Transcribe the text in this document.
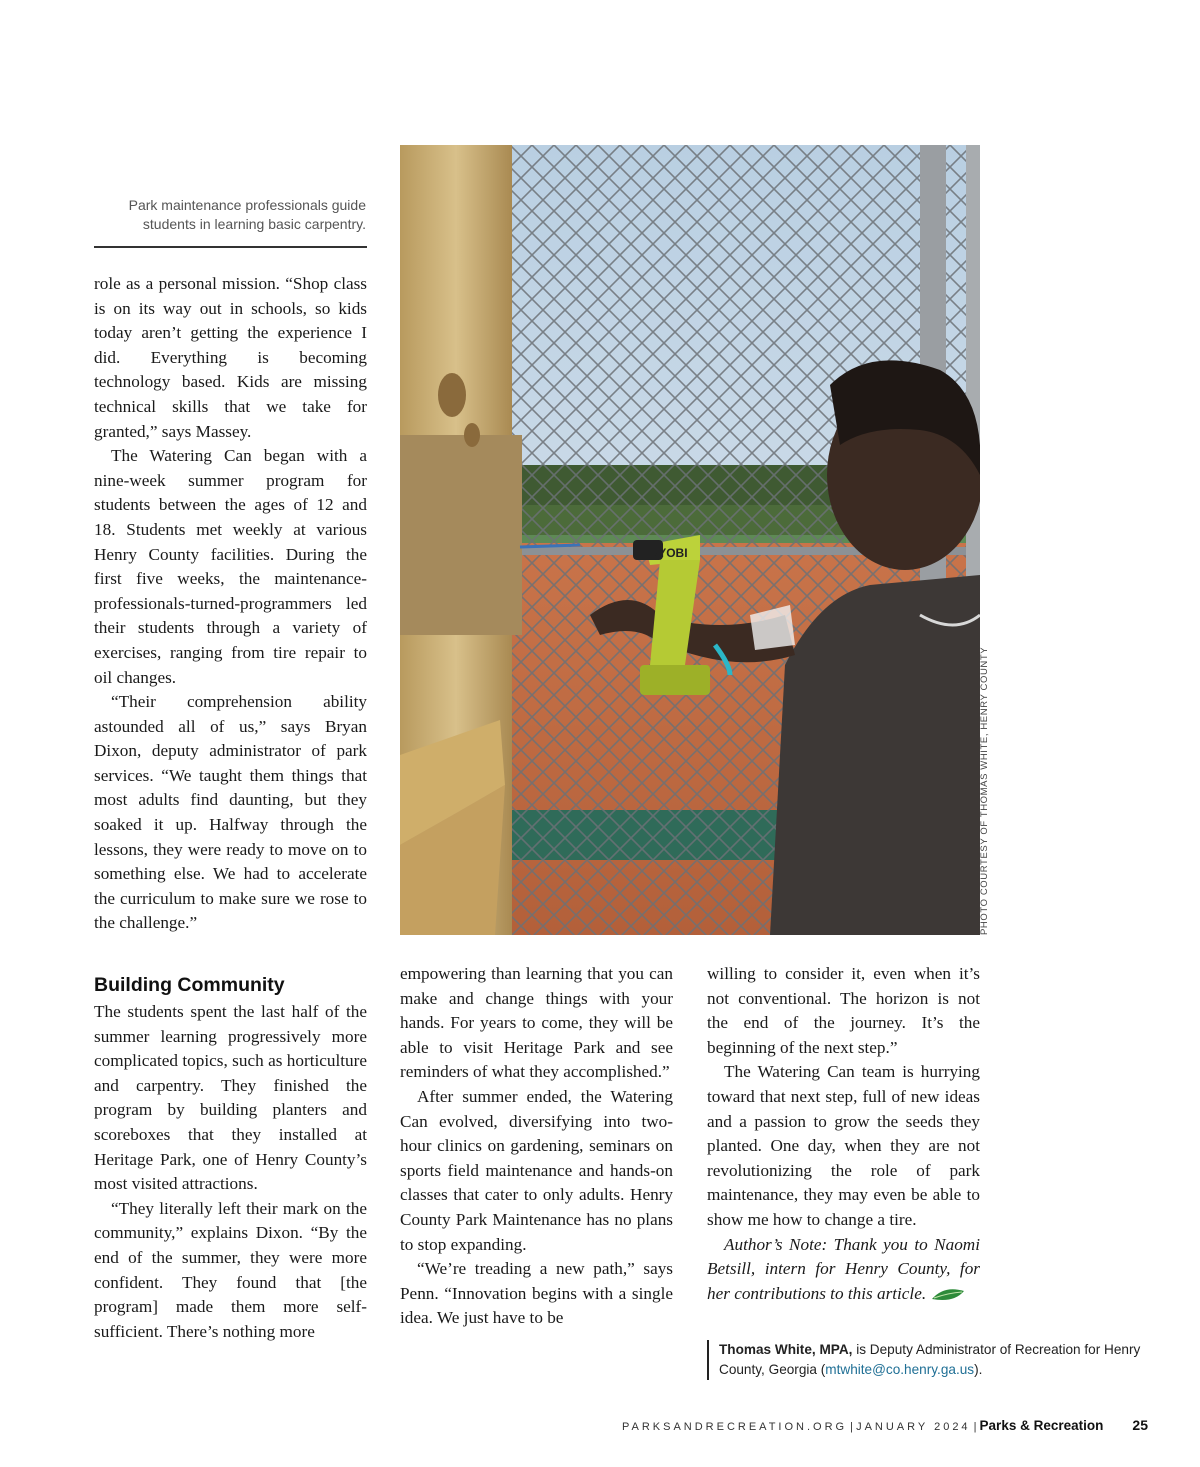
Park maintenance professionals guide
students in learning basic carpentry.

role as a personal mission. “Shop class is on its way out in schools, so kids today aren’t getting the experience I did. Everything is becoming technology based. Kids are missing technical skills that we take for granted,” says Massey.

The Watering Can began with a nine-week summer program for students between the ages of 12 and 18. Students met weekly at various Henry County facilities. During the first five weeks, the maintenance-professionals-turned-programmers led their students through a variety of exercises, ranging from tire repair to oil changes.

“Their comprehension ability astounded all of us,” says Bryan Dixon, deputy administrator of park services. “We taught them things that most adults find daunting, but they soaked it up. Halfway through the lessons, they were ready to move on to something else. We had to accelerate the curriculum to make sure we rose to the challenge.”

Building Community

The students spent the last half of the summer learning progressively more complicated topics, such as horticulture and carpentry. They finished the program by building planters and scoreboxes that they installed at Heritage Park, one of Henry County’s most visited attractions.

“They literally left their mark on the community,” explains Dixon. “By the end of the summer, they were more confident. They found that [the program] made them more self-sufficient. There’s nothing more

RYOBI
PHOTO COURTESY OF THOMAS WHITE, HENRY COUNTY

empowering than learning that you can make and change things with your hands. For years to come, they will be able to visit Heritage Park and see reminders of what they accomplished.”

After summer ended, the Watering Can evolved, diversifying into two-hour clinics on gardening, seminars on sports field maintenance and hands-on classes that cater to only adults. Henry County Park Maintenance has no plans to stop expanding.

“We’re treading a new path,” says Penn. “Innovation begins with a single idea. We just have to be

willing to consider it, even when it’s not conventional. The horizon is not the end of the journey. It’s the beginning of the next step.”

The Watering Can team is hurrying toward that next step, full of new ideas and a passion to grow the seeds they planted. One day, when they are not revolutionizing the role of park maintenance, they may even be able to show me how to change a tire.

Author’s Note: Thank you to Naomi Betsill, intern for Henry County, for her contributions to this article.

Thomas White, MPA, is Deputy Administrator of Recreation for Henry County, Georgia (mtwhite@co.henry.ga.us).
PARKSANDRECREATION.ORG | JANUARY 2024 | Parks & Recreation 25
